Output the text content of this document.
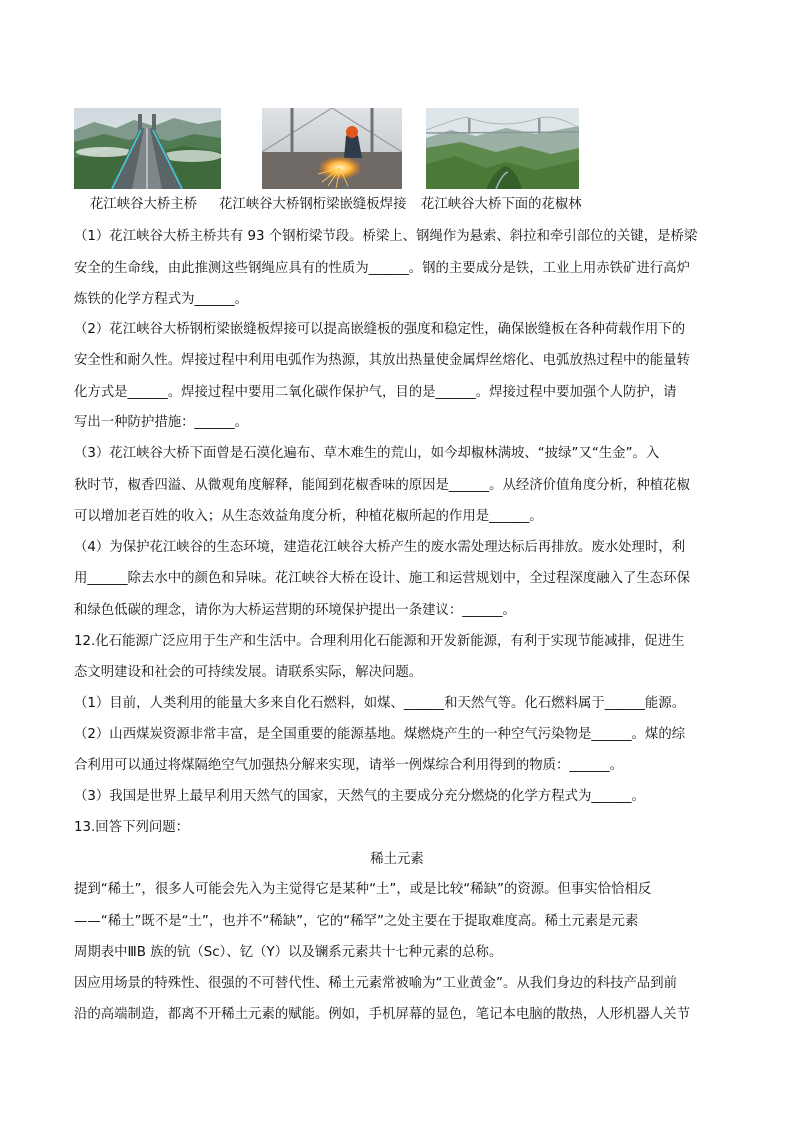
花江峡谷大桥主桥 花江峡谷大桥钢桁梁嵌缝板焊接 花江峡谷大桥下面的花椒林
（1）花江峡谷大桥主桥共有 93 个钢桁梁节段。桥梁上、钢绳作为悬索、斜拉和牵引部位的关键，是桥梁
安全的生命线，由此推测这些钢绳应具有的性质为______。钢的主要成分是铁，工业上用赤铁矿进行高炉
炼铁的化学方程式为______。
（2）花江峡谷大桥钢桁梁嵌缝板焊接可以提高嵌缝板的强度和稳定性，确保嵌缝板在各种荷载作用下的
安全性和耐久性。焊接过程中利用电弧作为热源，其放出热量使金属焊丝熔化、电弧放热过程中的能量转
化方式是______。焊接过程中要用二氧化碳作保护气，目的是______。焊接过程中要加强个人防护，请
写出一种防护措施：______。
（3）花江峡谷大桥下面曾是石漠化遍布、草木难生的荒山，如今却椒林满坡、“披绿”又“生金”。入
秋时节，椒香四溢、从微观角度解释，能闻到花椒香味的原因是______。从经济价值角度分析，种植花椒
可以增加老百姓的收入；从生态效益角度分析，种植花椒所起的作用是______。
（4）为保护花江峡谷的生态环境，建造花江峡谷大桥产生的废水需处理达标后再排放。废水处理时，利
用______除去水中的颜色和异味。花江峡谷大桥在设计、施工和运营规划中，全过程深度融入了生态环保
和绿色低碳的理念，请你为大桥运营期的环境保护提出一条建议：______。
12.化石能源广泛应用于生产和生活中。合理利用化石能源和开发新能源，有利于实现节能减排，促进生
态文明建设和社会的可持续发展。请联系实际，解决问题。
（1）目前，人类利用的能量大多来自化石燃料，如煤、______和天然气等。化石燃料属于______能源。
（2）山西煤炭资源非常丰富，是全国重要的能源基地。煤燃烧产生的一种空气污染物是______。煤的综
合利用可以通过将煤隔绝空气加强热分解来实现，请举一例煤综合利用得到的物质：______。
（3）我国是世界上最早利用天然气的国家，天然气的主要成分充分燃烧的化学方程式为______。
13.回答下列问题：
稀土元素
提到“稀土”，很多人可能会先入为主觉得它是某种“土”，或是比较“稀缺”的资源。但事实恰恰相反
——“稀土”既不是“土”，也并不“稀缺”，它的“稀罕”之处主要在于提取难度高。稀土元素是元素
周期表中ⅢB 族的钪（Sc）、钇（Y）以及镧系元素共十七种元素的总称。
因应用场景的特殊性、很强的不可替代性、稀土元素常被喻为“工业黄金”。从我们身边的科技产品到前
沿的高端制造，都离不开稀土元素的赋能。例如，手机屏幕的显色，笔记本电脑的散热，人形机器人关节
